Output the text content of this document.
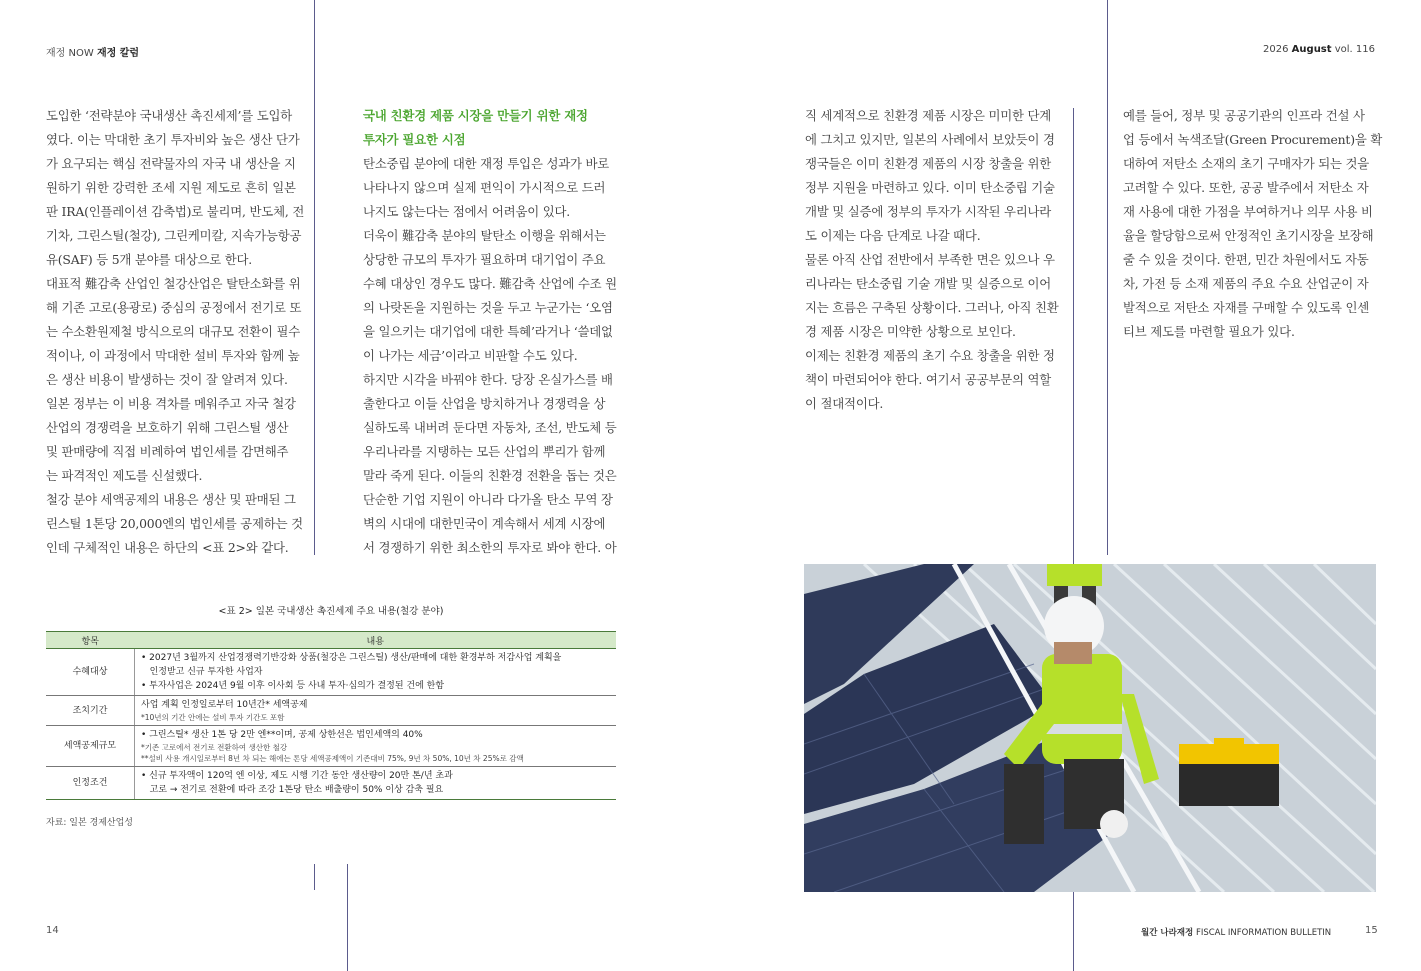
재정 NOW 재정 칼럼	2026 August vol. 116
도입한 ‘전략분야 국내생산 촉진세제’를 도입하
였다. 이는 막대한 초기 투자비와 높은 생산 단가
가 요구되는 핵심 전략물자의 자국 내 생산을 지
원하기 위한 강력한 조세 지원 제도로 흔히 일본
판 IRA(인플레이션 감축법)로 불리며, 반도체, 전
기차, 그린스틸(철강), 그린케미칼, 지속가능항공
유(SAF) 등 5개 분야를 대상으로 한다.
대표적 難감축 산업인 철강산업은 탈탄소화를 위
해 기존 고로(용광로) 중심의 공정에서 전기로 또
는 수소환원제철 방식으로의 대규모 전환이 필수
적이나, 이 과정에서 막대한 설비 투자와 함께 높
은 생산 비용이 발생하는 것이 잘 알려져 있다.
일본 정부는 이 비용 격차를 메워주고 자국 철강
산업의 경쟁력을 보호하기 위해 그린스틸 생산
및 판매량에 직접 비례하여 법인세를 감면해주
는 파격적인 제도를 신설했다.
철강 분야 세액공제의 내용은 생산 및 판매된 그
린스틸 1톤당 20,000엔의 법인세를 공제하는 것
인데 구체적인 내용은 하단의 <표 2>와 같다.
국내 친환경 제품 시장을 만들기 위한 재정
투자가 필요한 시점
탄소중립 분야에 대한 재정 투입은 성과가 바로
나타나지 않으며 실제 편익이 가시적으로 드러
나지도 않는다는 점에서 어려움이 있다.
더욱이 難감축 분야의 탈탄소 이행을 위해서는
상당한 규모의 투자가 필요하며 대기업이 주요
수혜 대상인 경우도 많다. 難감축 산업에 수조 원
의 나랏돈을 지원하는 것을 두고 누군가는 ‘오염
을 일으키는 대기업에 대한 특혜’라거나 ‘쓸데없
이 나가는 세금’이라고 비판할 수도 있다.
하지만 시각을 바꿔야 한다. 당장 온실가스를 배
출한다고 이들 산업을 방치하거나 경쟁력을 상
실하도록 내버려 둔다면 자동차, 조선, 반도체 등
우리나라를 지탱하는 모든 산업의 뿌리가 함께
말라 죽게 된다. 이들의 친환경 전환을 돕는 것은
단순한 기업 지원이 아니라 다가올 탄소 무역 장
벽의 시대에 대한민국이 계속해서 세계 시장에
서 경쟁하기 위한 최소한의 투자로 봐야 한다. 아
직 세계적으로 친환경 제품 시장은 미미한 단계
에 그치고 있지만, 일본의 사례에서 보았듯이 경
쟁국들은 이미 친환경 제품의 시장 창출을 위한
정부 지원을 마련하고 있다. 이미 탄소중립 기술
개발 및 실증에 정부의 투자가 시작된 우리나라
도 이제는 다음 단계로 나갈 때다.
물론 아직 산업 전반에서 부족한 면은 있으나 우
리나라는 탄소중립 기술 개발 및 실증으로 이어
지는 흐름은 구축된 상황이다. 그러나, 아직 친환
경 제품 시장은 미약한 상황으로 보인다.
이제는 친환경 제품의 초기 수요 창출을 위한 정
책이 마련되어야 한다. 여기서 공공부문의 역할
이 절대적이다.
예를 들어, 정부 및 공공기관의 인프라 건설 사
업 등에서 녹색조달(Green Procurement)을 확
대하여 저탄소 소재의 초기 구매자가 되는 것을
고려할 수 있다. 또한, 공공 발주에서 저탄소 자
재 사용에 대한 가점을 부여하거나 의무 사용 비
율을 할당함으로써 안정적인 초기시장을 보장해
줄 수 있을 것이다. 한편, 민간 차원에서도 자동
차, 가전 등 소재 제품의 주요 수요 산업군이 자
발적으로 저탄소 자재를 구매할 수 있도록 인센
티브 제도를 마련할 필요가 있다.
<표 2> 일본 국내생산 촉진세제 주요 내용(철강 분야)
항목	내용
수혜대상	• 2027년 3월까지 산업경쟁력기반강화 상품(철강은 그린스틸) 생산/판매에 대한 환경부하 저감사업 계획을
인정받고 신규 투자한 사업자
• 투자사업은 2024년 9월 이후 이사회 등 사내 투자·심의가 결정된 건에 한함

조치기간	사업 계획 인정일로부터 10년간* 세액공제
*10년의 기간 안에는 설비 투자 기간도 포함

세액공제규모	• 그린스틸* 생산 1톤 당 2만 엔**이며, 공제 상한선은 법인세액의 40%
*기존 고로에서 전기로 전환하여 생산한 철강
**설비 사용 개시일로부터 8년 차 되는 해에는 톤당 세액공제액이 기존대비 75%, 9년 차 50%, 10년 차 25%로 감액

인정조건	• 신규 투자액이 120억 엔 이상, 제도 시행 기간 동안 생산량이 20만 톤/년 초과
고로 → 전기로 전환에 따라 조강 1톤당 탄소 배출량이 50% 이상 감축 필요
자료: 일본 경제산업성
14	월간 나라재정 FISCAL INFORMATION BULLETIN	15
